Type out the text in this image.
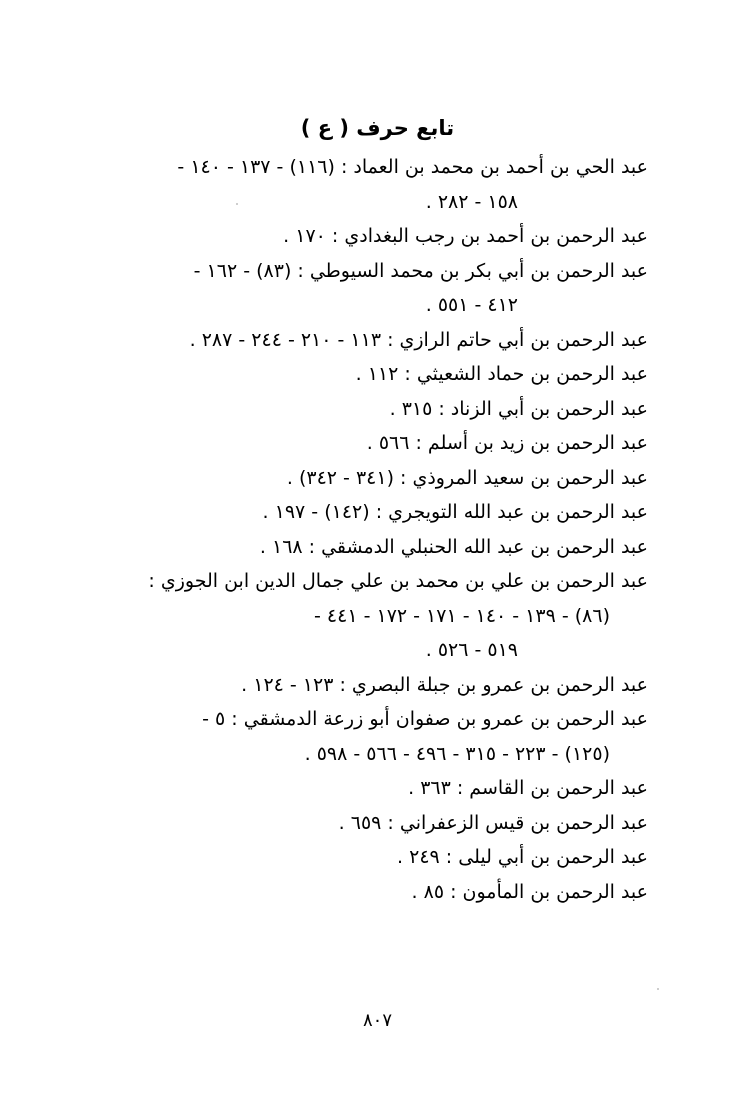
تابع حرف ( ع )

عبد الحي بن أحمد بن محمد بن العماد : (١١٦) - ١٣٧ - ١٤٠ -
١٥٨ - ٢٨٢ .

عبد الرحمن بن أحمد بن رجب البغدادي : ١٧٠ .

عبد الرحمن بن أبي بكر بن محمد السيوطي : (٨٣) - ١٦٢ -
٤١٢ - ٥٥١ .

عبد الرحمن بن أبي حاتم الرازي : ١١٣ - ٢١٠ - ٢٤٤ - ٢٨٧ .

عبد الرحمن بن حماد الشعيثي : ١١٢ .

عبد الرحمن بن أبي الزناد : ٣١٥ .

عبد الرحمن بن زيد بن أسلم : ٥٦٦ .

عبد الرحمن بن سعيد المروذي : (٣٤١ - ٣٤٢) .

عبد الرحمن بن عبد الله التويجري : (١٤٢) - ١٩٧ .

عبد الرحمن بن عبد الله الحنبلي الدمشقي : ١٦٨ .

عبد الرحمن بن علي بن محمد بن علي جمال الدين ابن الجوزي :
(٨٦) - ١٣٩ - ١٤٠ - ١٧١ - ١٧٢ - ٤٤١ -
٥١٩ - ٥٢٦ .

عبد الرحمن بن عمرو بن جبلة البصري : ١٢٣ - ١٢٤ .

عبد الرحمن بن عمرو بن صفوان أبو زرعة الدمشقي : ٥ -
(١٢٥) - ٢٢٣ - ٣١٥ - ٤٩٦ - ٥٦٦ - ٥٩٨ .

عبد الرحمن بن القاسم : ٣٦٣ .

عبد الرحمن بن قيس الزعفراني : ٦٥٩ .

عبد الرحمن بن أبي ليلى : ٢٤٩ .

عبد الرحمن بن المأمون : ٨٥ .

٨٠٧
